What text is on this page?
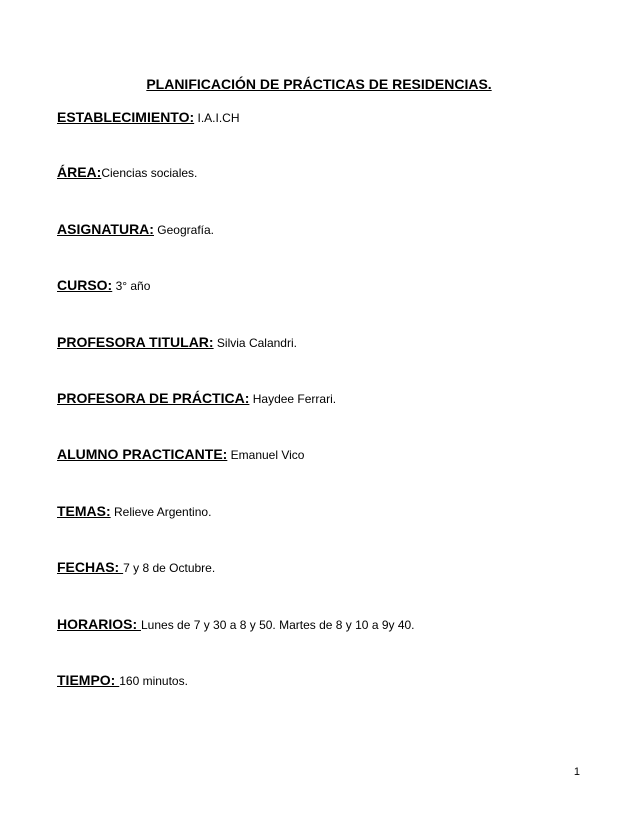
PLANIFICACIÓN DE PRÁCTICAS DE RESIDENCIAS.
ESTABLECIMIENTO: I.A.I.CH
ÁREA:Ciencias sociales.
ASIGNATURA: Geografía.
CURSO: 3° año
PROFESORA TITULAR: Silvia Calandri.
PROFESORA DE PRÁCTICA: Haydee Ferrari.
ALUMNO PRACTICANTE: Emanuel Vico
TEMAS: Relieve Argentino.
FECHAS: 7 y 8 de Octubre.
HORARIOS: Lunes de 7 y 30 a 8 y 50. Martes de 8 y 10 a 9y 40.
TIEMPO: 160 minutos.
1
